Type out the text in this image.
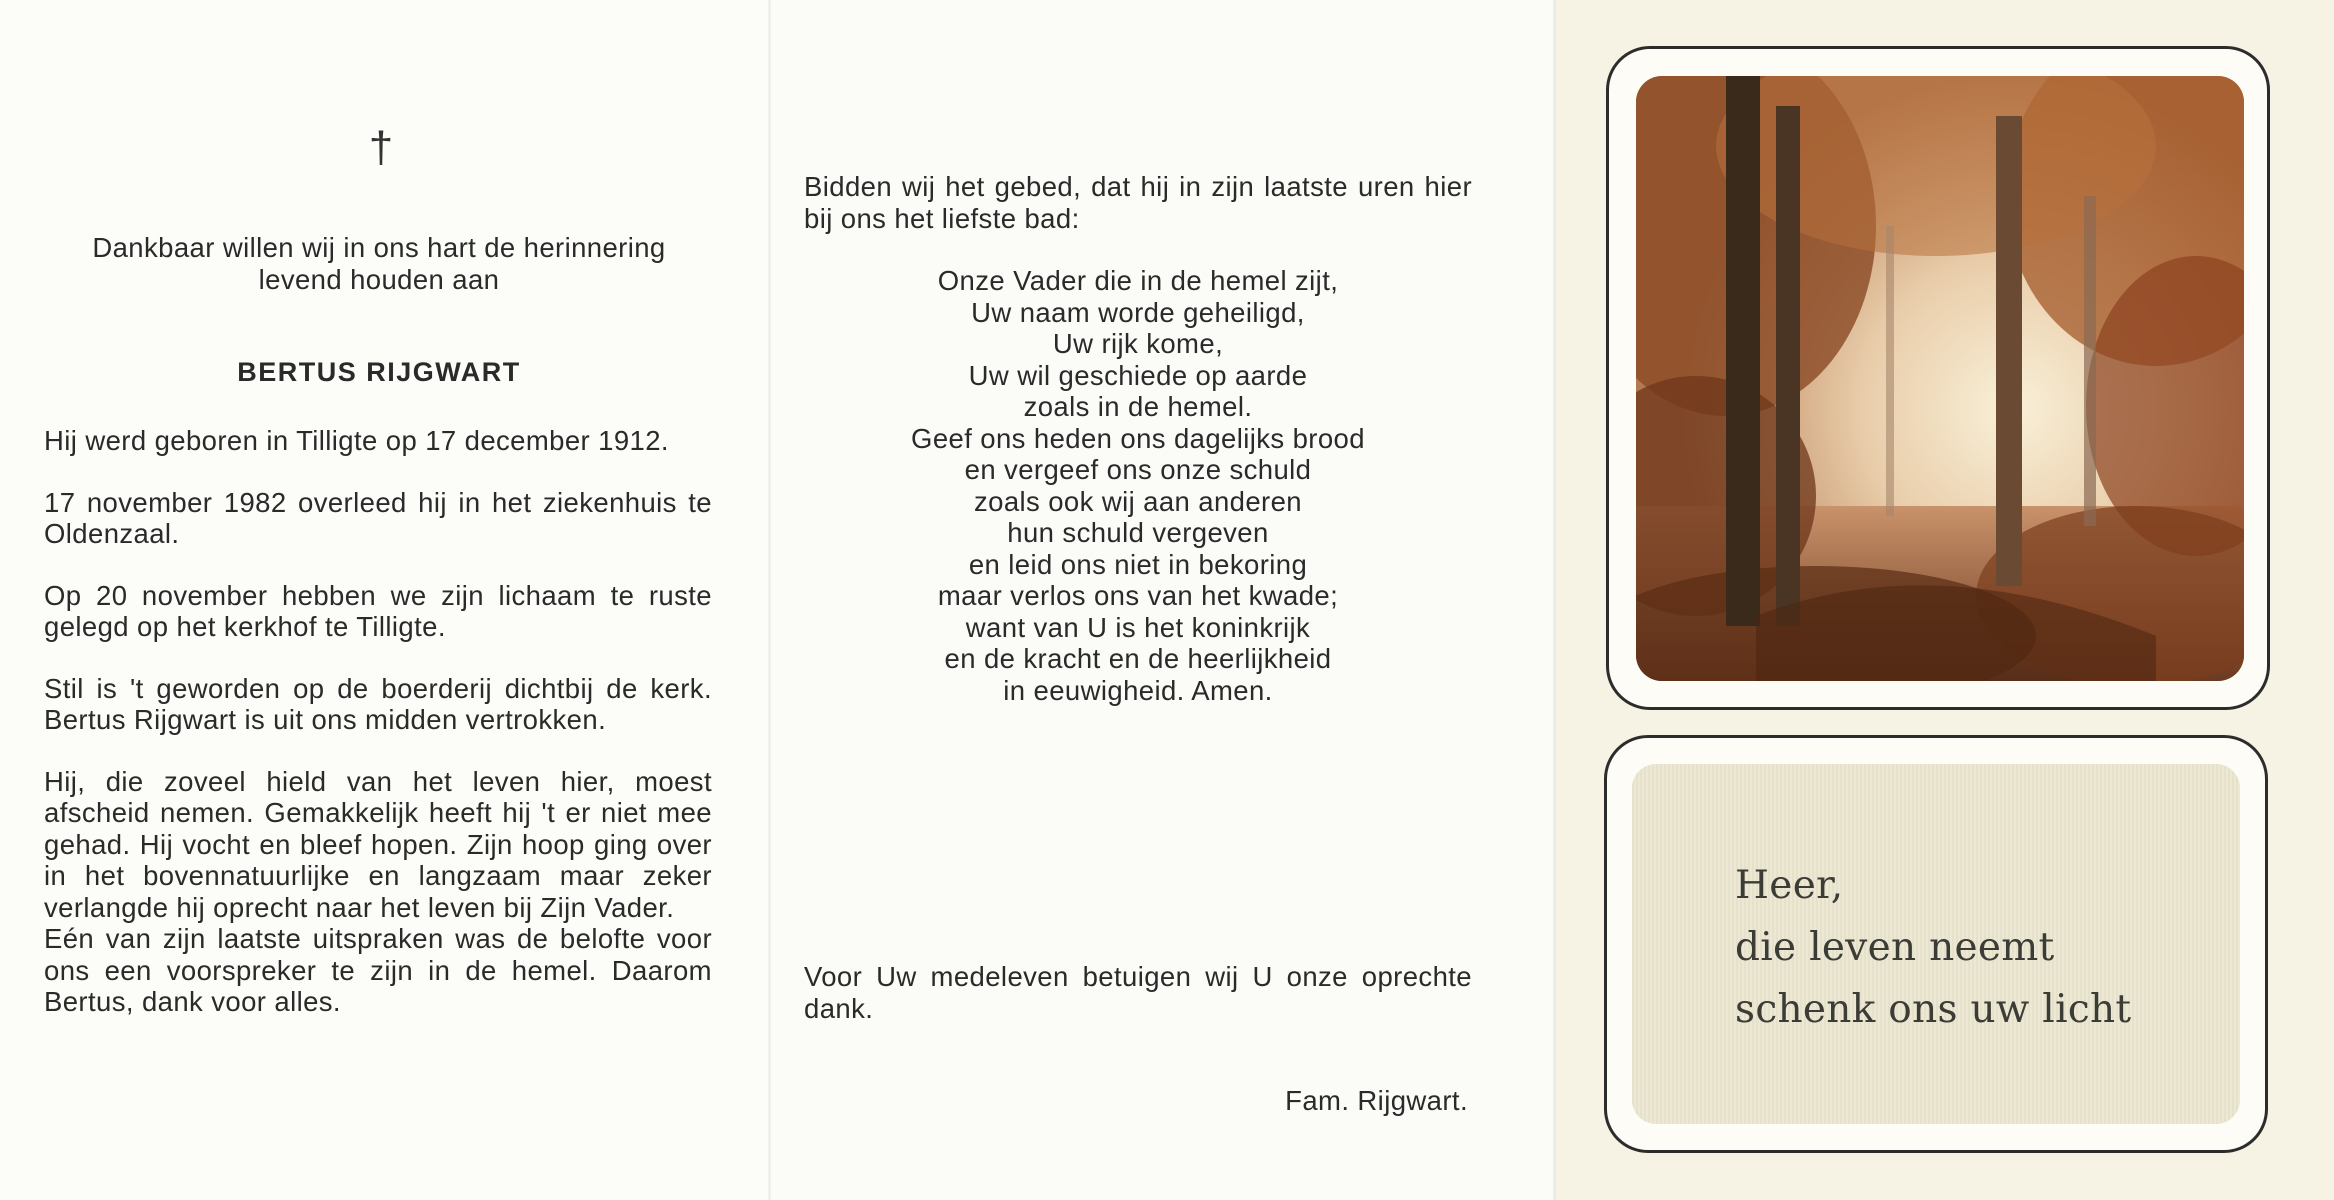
†
Dankbaar willen wij in ons hart de herinnering
levend houden aan
BERTUS RIJGWART

Hij werd geboren in Tilligte op 17 december 1912.

17 november 1982 overleed hij in het ziekenhuis te Oldenzaal.

Op 20 november hebben we zijn lichaam te ruste gelegd op het kerkhof te Tilligte.

Stil is 't geworden op de boerderij dichtbij de kerk. Bertus Rijgwart is uit ons midden vertrokken.

Hij, die zoveel hield van het leven hier, moest afscheid nemen. Gemakkelijk heeft hij 't er niet mee gehad. Hij vocht en bleef hopen. Zijn hoop ging over in het bovennatuurlijke en langzaam maar zeker verlangde hij oprecht naar het leven bij Zijn Vader.

Eén van zijn laatste uitspraken was de belofte voor ons een voorspreker te zijn in de hemel. Daarom Bertus, dank voor alles.

Bidden wij het gebed, dat hij in zijn laatste uren hier bij ons het liefste bad:
Onze Vader die in de hemel zijt,
Uw naam worde geheiligd,
Uw rijk kome,
Uw wil geschiede op aarde
zoals in de hemel.
Geef ons heden ons dagelijks brood
en vergeef ons onze schuld
zoals ook wij aan anderen
hun schuld vergeven
en leid ons niet in bekoring
maar verlos ons van het kwade;
want van U is het koninkrijk
en de kracht en de heerlijkheid
in eeuwigheid. Amen.
Voor Uw medeleven betuigen wij U onze oprechte dank.
Fam. Rijgwart.
Heer,
die leven neemt
schenk ons uw licht
